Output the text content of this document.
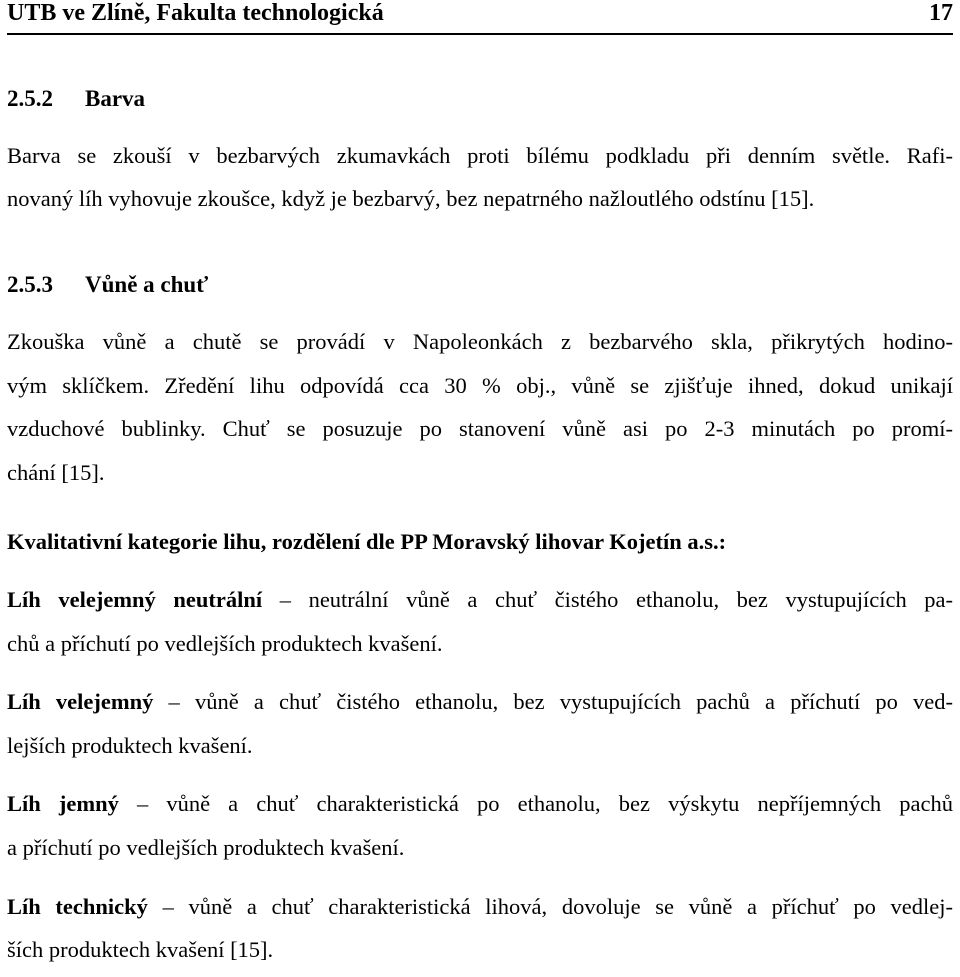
UTB ve Zlíně, Fakulta technologická	17
2.5.2 Barva
Barva se zkouší v bezbarvých zkumavkách proti bílému podkladu při denním světle. Rafi-
novaný líh vyhovuje zkoušce, když je bezbarvý, bez nepatrného nažloutlého odstínu [15].
2.5.3 Vůně a chuť
Zkouška vůně a chutě se provádí v Napoleonkách z bezbarvého skla, přikrytých hodino-
vým sklíčkem. Zředění lihu odpovídá cca 30 % obj., vůně se zjišťuje ihned, dokud unikají
vzduchové bublinky. Chuť se posuzuje po stanovení vůně asi po 2-3 minutách po promí-
chání [15].
Kvalitativní kategorie lihu, rozdělení dle PP Moravský lihovar Kojetín a.s.:
Líh velejemný neutrální – neutrální vůně a chuť čistého ethanolu, bez vystupujících pa-
chů a příchutí po vedlejších produktech kvašení.
Líh velejemný – vůně a chuť čistého ethanolu, bez vystupujících pachů a příchutí po ved-
lejších produktech kvašení.
Líh jemný – vůně a chuť charakteristická po ethanolu, bez výskytu nepříjemných pachů
a příchutí po vedlejších produktech kvašení.
Líh technický – vůně a chuť charakteristická lihová, dovoluje se vůně a příchuť po vedlej-
ších produktech kvašení [15].
